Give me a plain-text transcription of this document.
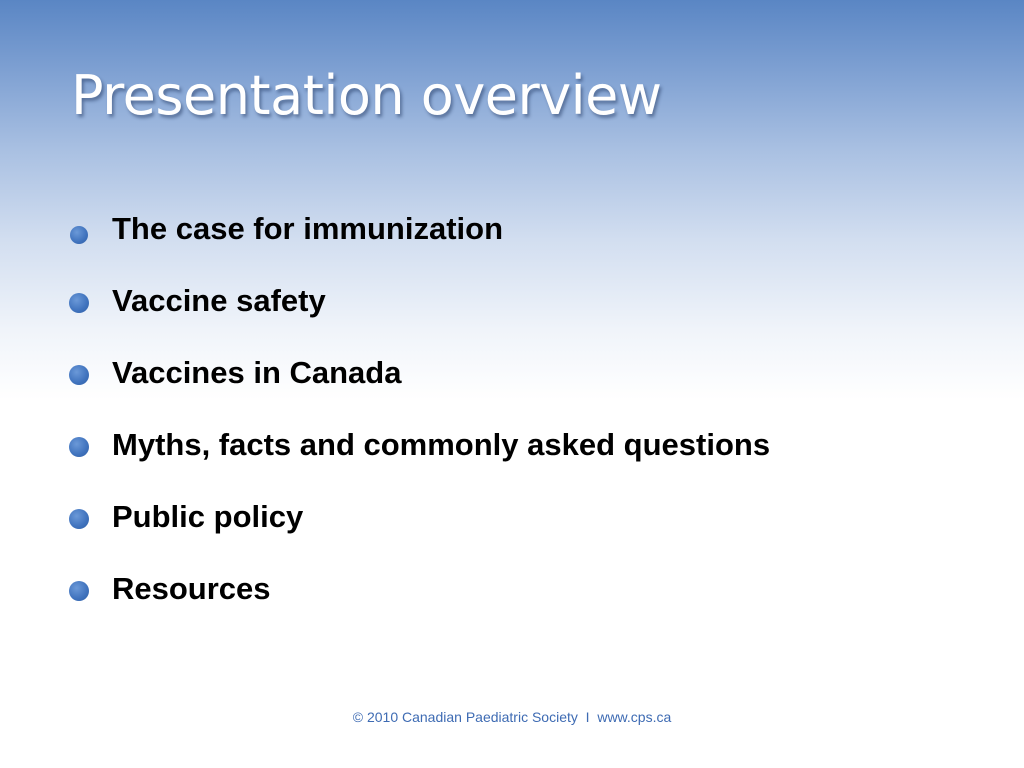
Presentation overview
The case for immunization
Vaccine safety
Vaccines in Canada
Myths, facts and commonly asked questions
Public policy
Resources
© 2010 Canadian Paediatric Society I www.cps.ca
